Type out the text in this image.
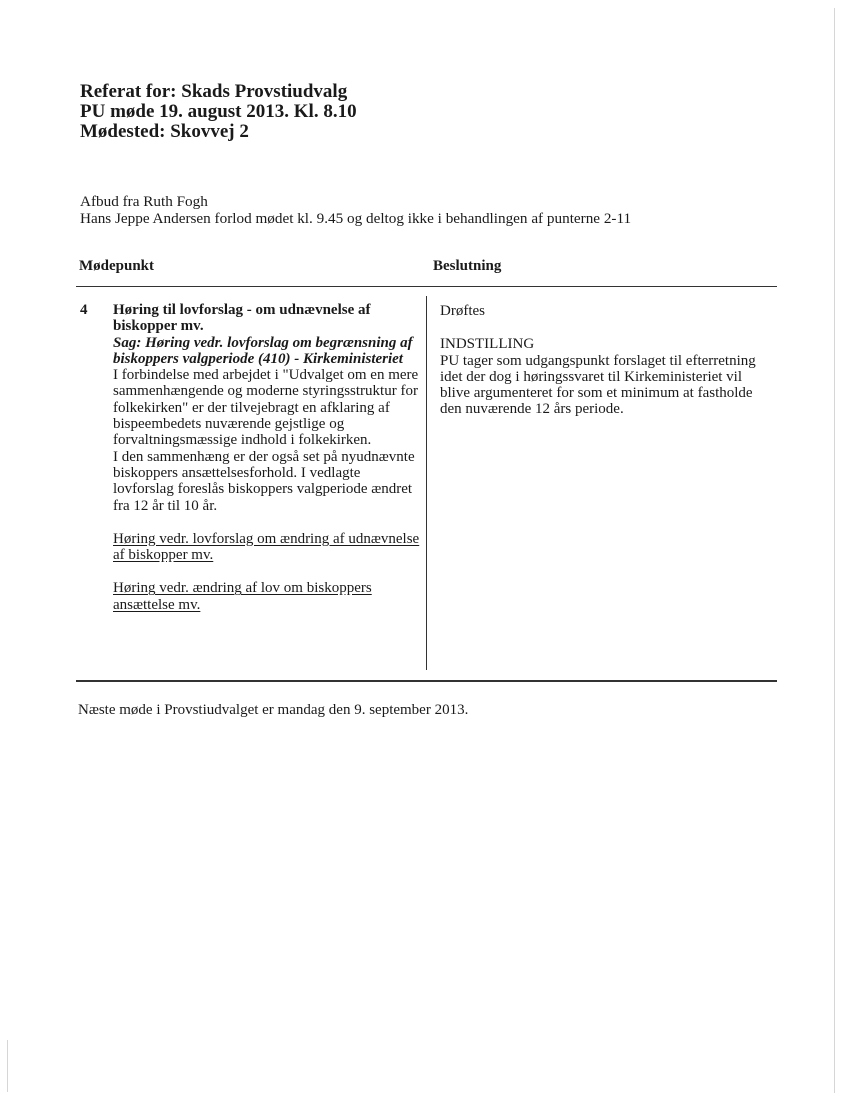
Referat for: Skads Provstiudvalg
PU møde 19. august 2013. Kl. 8.10
Mødested: Skovvej 2
Afbud fra Ruth Fogh
Hans Jeppe Andersen forlod mødet kl. 9.45 og deltog ikke i behandlingen af punterne 2-11
Mødepunkt	Beslutning
4 Høring til lovforslag - om udnævnelse af biskopper mv.
Sag: Høring vedr. lovforslag om begrænsning af biskoppers valgperiode (410) - Kirkeministeriet
I forbindelse med arbejdet i "Udvalget om en mere sammenhængende og moderne styringsstruktur for folkekirken" er der tilvejebragt en afklaring af bispeembedets nuværende gejstlige og forvaltningsmæssige indhold i folkekirken.
I den sammenhæng er der også set på nyudnævnte biskoppers ansættelsesforhold. I vedlagte lovforslag foreslås biskoppers valgperiode ændret fra 12 år til 10 år.
Høring vedr. lovforslag om ændring af udnævnelse af biskopper mv.
Høring vedr. ændring af lov om biskoppers ansættelse mv.
Drøftes
INDSTILLING
PU tager som udgangspunkt forslaget til efterretning idet der dog i høringssvaret til Kirkeministeriet vil blive argumenteret for som et minimum at fastholde den nuværende 12 års periode.
Næste møde i Provstiudvalget er mandag den 9. september 2013.
